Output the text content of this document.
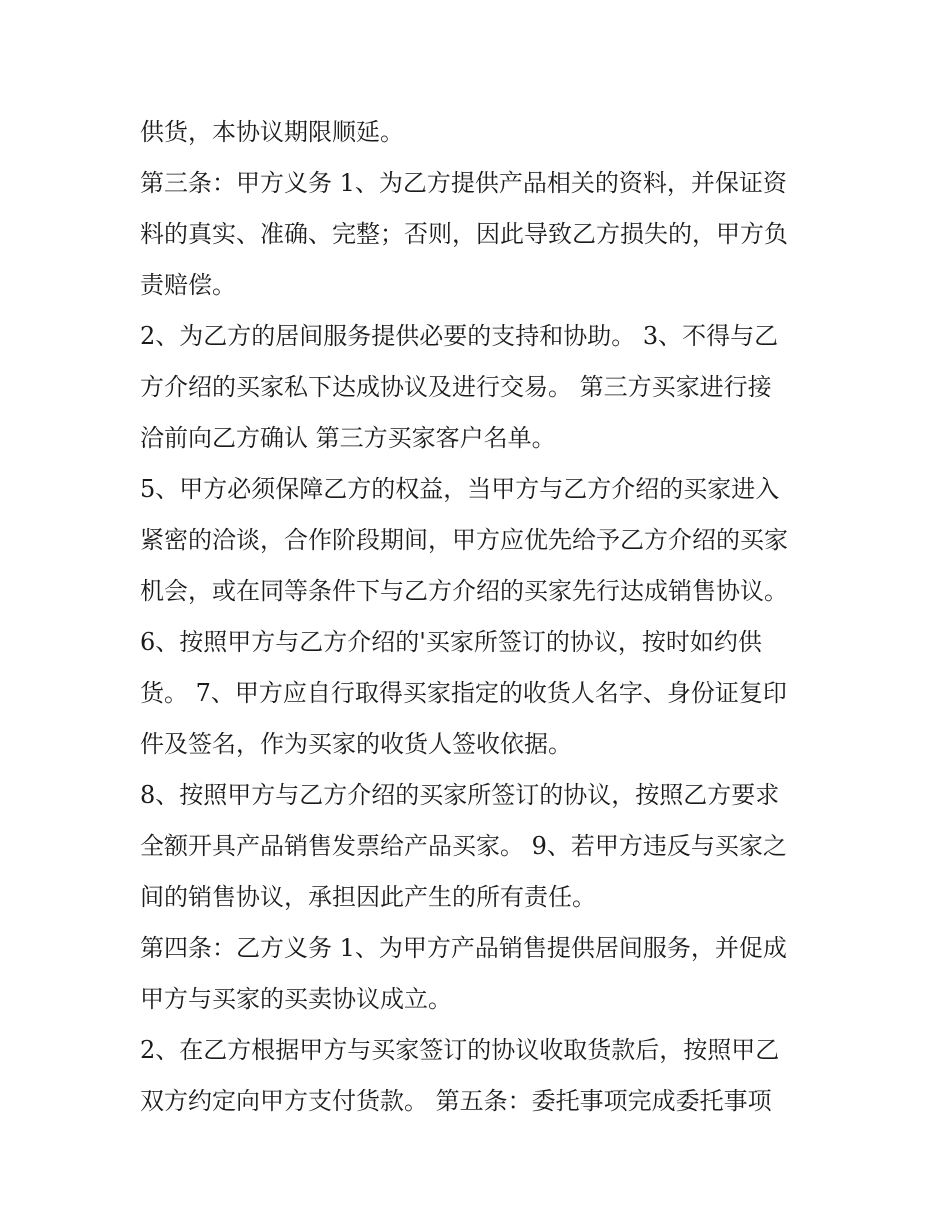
供货，本协议期限顺延。
第三条：甲方义务 1、为乙方提供产品相关的资料，并保证资
料的真实、准确、完整；否则，因此导致乙方损失的，甲方负
责赔偿。
2、为乙方的居间服务提供必要的支持和协助。 3、不得与乙
方介绍的买家私下达成协议及进行交易。 第三方买家进行接
洽前向乙方确认 第三方买家客户名单。
5、甲方必须保障乙方的权益，当甲方与乙方介绍的买家进入
紧密的洽谈，合作阶段期间，甲方应优先给予乙方介绍的买家
机会，或在同等条件下与乙方介绍的买家先行达成销售协议。
6、按照甲方与乙方介绍的'买家所签订的协议，按时如约供
货。 7、甲方应自行取得买家指定的收货人名字、身份证复印
件及签名，作为买家的收货人签收依据。
8、按照甲方与乙方介绍的买家所签订的协议，按照乙方要求
全额开具产品销售发票给产品买家。 9、若甲方违反与买家之
间的销售协议，承担因此产生的所有责任。
第四条：乙方义务 1、为甲方产品销售提供居间服务，并促成
甲方与买家的买卖协议成立。
2、在乙方根据甲方与买家签订的协议收取货款后，按照甲乙
双方约定向甲方支付货款。 第五条：委托事项完成委托事项
